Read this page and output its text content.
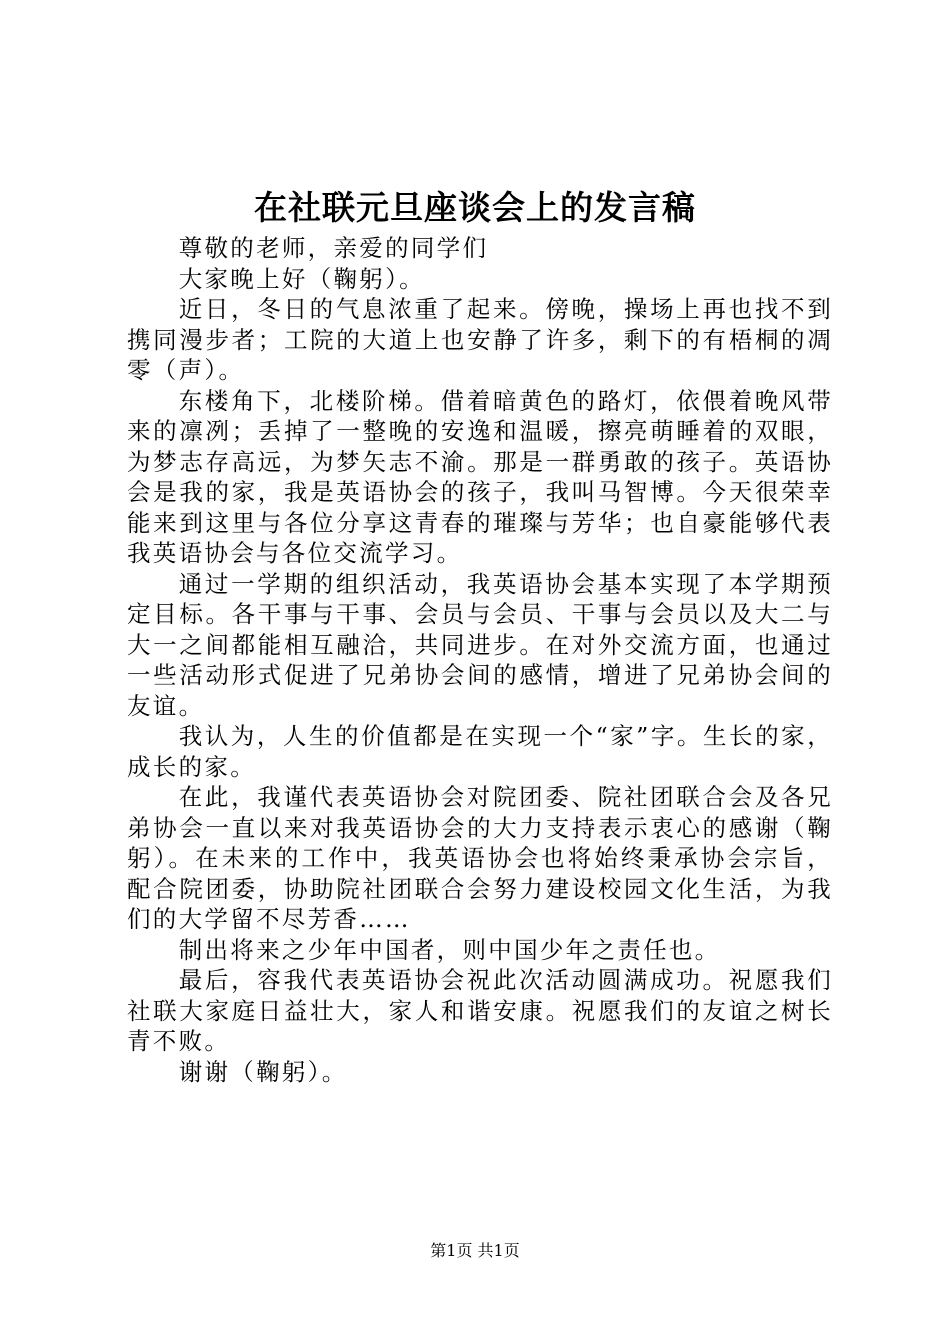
在社联元旦座谈会上的发言稿

尊敬的老师，亲爱的同学们

大家晚上好（鞠躬）。

近日，冬日的气息浓重了起来。傍晚，操场上再也找不到携同漫步者；工院的大道上也安静了许多，剩下的有梧桐的凋零（声）。

东楼角下，北楼阶梯。借着暗黄色的路灯，依偎着晚风带来的凛冽；丢掉了一整晚的安逸和温暖，擦亮萌睡着的双眼，为梦志存高远，为梦矢志不渝。那是一群勇敢的孩子。英语协会是我的家，我是英语协会的孩子，我叫马智博。今天很荣幸能来到这里与各位分享这青春的璀璨与芳华；也自豪能够代表我英语协会与各位交流学习。

通过一学期的组织活动，我英语协会基本实现了本学期预定目标。各干事与干事、会员与会员、干事与会员以及大二与大一之间都能相互融洽，共同进步。在对外交流方面，也通过一些活动形式促进了兄弟协会间的感情，增进了兄弟协会间的友谊。

我认为，人生的价值都是在实现一个“家”字。生长的家，成长的家。

在此，我谨代表英语协会对院团委、院社团联合会及各兄弟协会一直以来对我英语协会的大力支持表示衷心的感谢（鞠躬）。在未来的工作中，我英语协会也将始终秉承协会宗旨，配合院团委，协助院社团联合会努力建设校园文化生活，为我们的大学留不尽芳香……

制出将来之少年中国者，则中国少年之责任也。

最后，容我代表英语协会祝此次活动圆满成功。祝愿我们社联大家庭日益壮大，家人和谐安康。祝愿我们的友谊之树长青不败。

谢谢（鞠躬）。

第1页 共1页
